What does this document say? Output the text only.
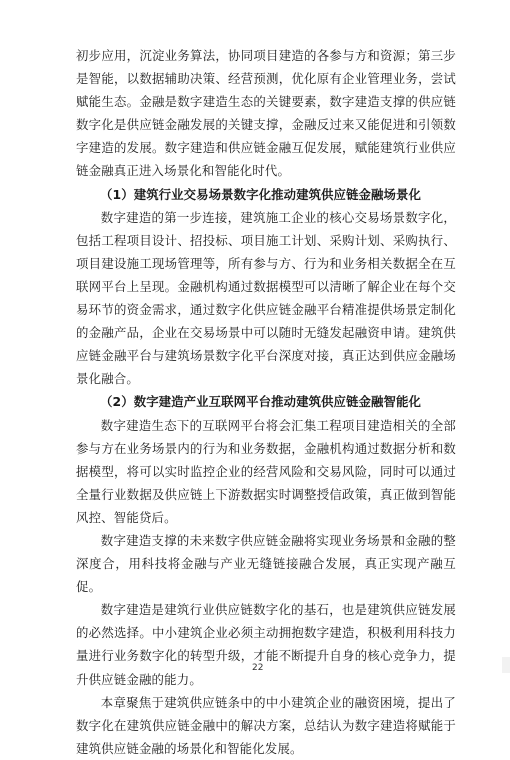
初步应用，沉淀业务算法，协同项目建造的各参与方和资源；第三步是智能，以数据辅助决策、经营预测，优化原有企业管理业务，尝试赋能生态。金融是数字建造生态的关键要素，数字建造支撑的供应链数字化是供应链金融发展的关键支撑，金融反过来又能促进和引领数字建造的发展。数字建造和供应链金融互促发展，赋能建筑行业供应链金融真正进入场景化和智能化时代。

（1）建筑行业交易场景数字化推动建筑供应链金融场景化

数字建造的第一步连接，建筑施工企业的核心交易场景数字化，包括工程项目设计、招投标、项目施工计划、采购计划、采购执行、项目建设施工现场管理等，所有参与方、行为和业务相关数据全在互联网平台上呈现。金融机构通过数据模型可以清晰了解企业在每个交易环节的资金需求，通过数字化供应链金融平台精准提供场景定制化的金融产品，企业在交易场景中可以随时无缝发起融资申请。建筑供应链金融平台与建筑场景数字化平台深度对接，真正达到供应金融场景化融合。

（2）数字建造产业互联网平台推动建筑供应链金融智能化

数字建造生态下的互联网平台将会汇集工程项目建造相关的全部参与方在业务场景内的行为和业务数据，金融机构通过数据分析和数据模型，将可以实时监控企业的经营风险和交易风险，同时可以通过全量行业数据及供应链上下游数据实时调整授信政策，真正做到智能风控、智能贷后。

数字建造支撑的未来数字供应链金融将实现业务场景和金融的整深度合，用科技将金融与产业无缝链接融合发展，真正实现产融互促。

数字建造是建筑行业供应链数字化的基石，也是建筑供应链发展的必然选择。中小建筑企业必须主动拥抱数字建造，积极利用科技力量进行业务数字化的转型升级，才能不断提升自身的核心竞争力，提升供应链金融的能力。

本章聚焦于建筑供应链条中的中小建筑企业的融资困境，提出了数字化在建筑供应链金融中的解决方案，总结认为数字建造将赋能于建筑供应链金融的场景化和智能化发展。

22
